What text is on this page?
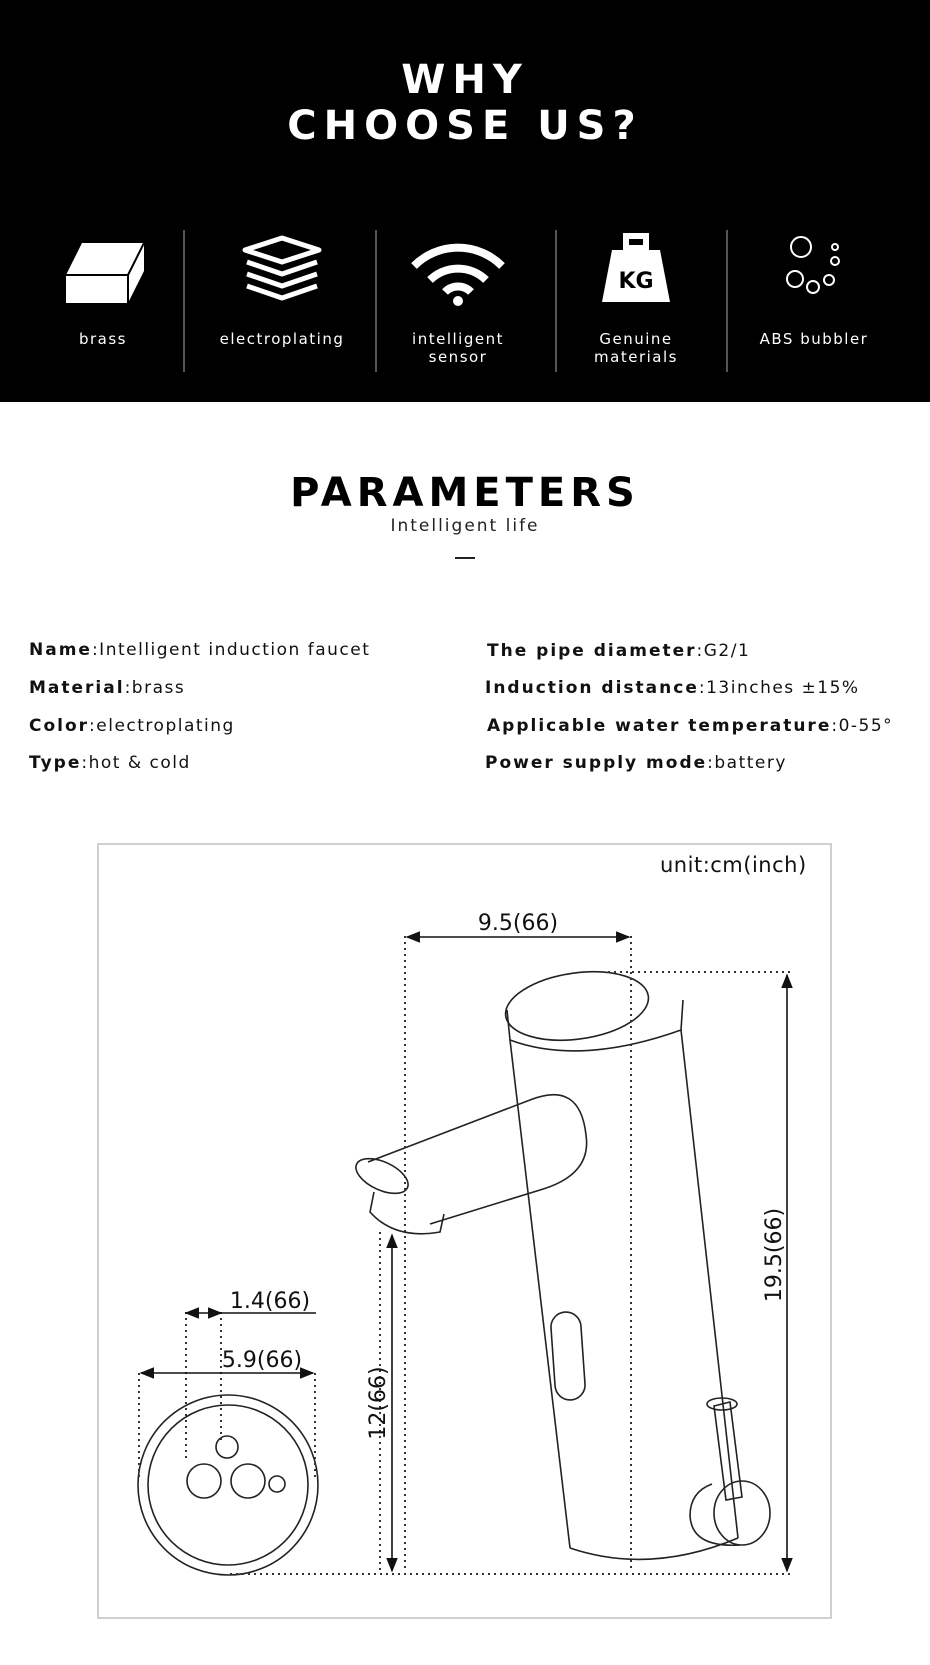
WHY
CHOOSE US?
brass	electroplating	intelligent
sensor
KG
Genuine
materials
ABS bubbler
PARAMETERS
Intelligent life
Name:Intelligent induction faucet
Material:brass
Color:electroplating
Type:hot & cold
The pipe diameter:G2/1
Induction distance:13inches ±15%
Applicable water temperature:0-55°
Power supply mode:battery
unit:cm(inch)
9.5(66)
19.5(66)
12(66)
1.4(66)
5.9(66)
